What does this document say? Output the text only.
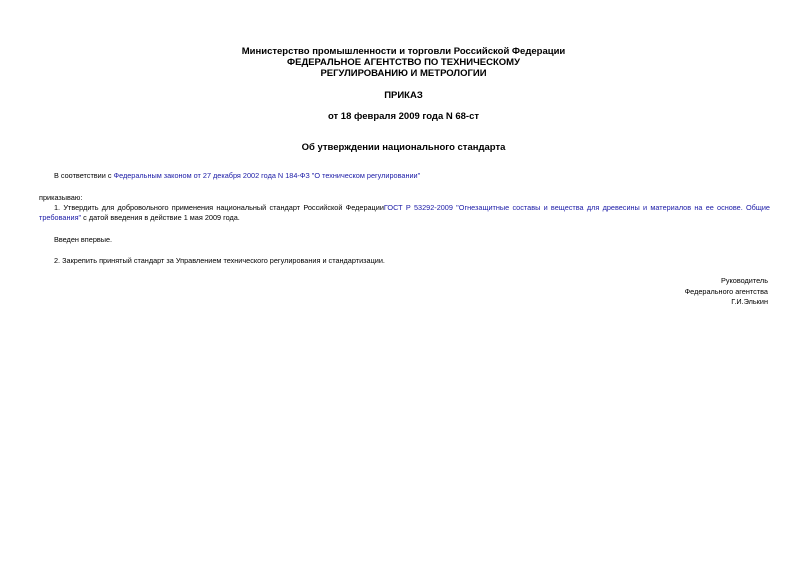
Министерство промышленности и торговли Российской Федерации
ФЕДЕРАЛЬНОЕ АГЕНТСТВО ПО ТЕХНИЧЕСКОМУ
РЕГУЛИРОВАНИЮ И МЕТРОЛОГИИ
ПРИКАЗ
от 18 февраля 2009 года N 68-ст
Об утверждении национального стандарта
В соответствии с Федеральным законом от 27 декабря 2002 года N 184-ФЗ "О техническом регулировании"
приказываю:
1. Утвердить для добровольного применения национальный стандарт Российской ФедерацииГОСТ Р 53292-2009 "Огнезащитные составы и вещества для древесины и материалов на ее основе. Общие требования" с датой введения в действие 1 мая 2009 года.
Введен впервые.
2. Закрепить принятый стандарт за Управлением технического регулирования и стандартизации.
Руководитель
Федерального агентства
Г.И.Элькин
